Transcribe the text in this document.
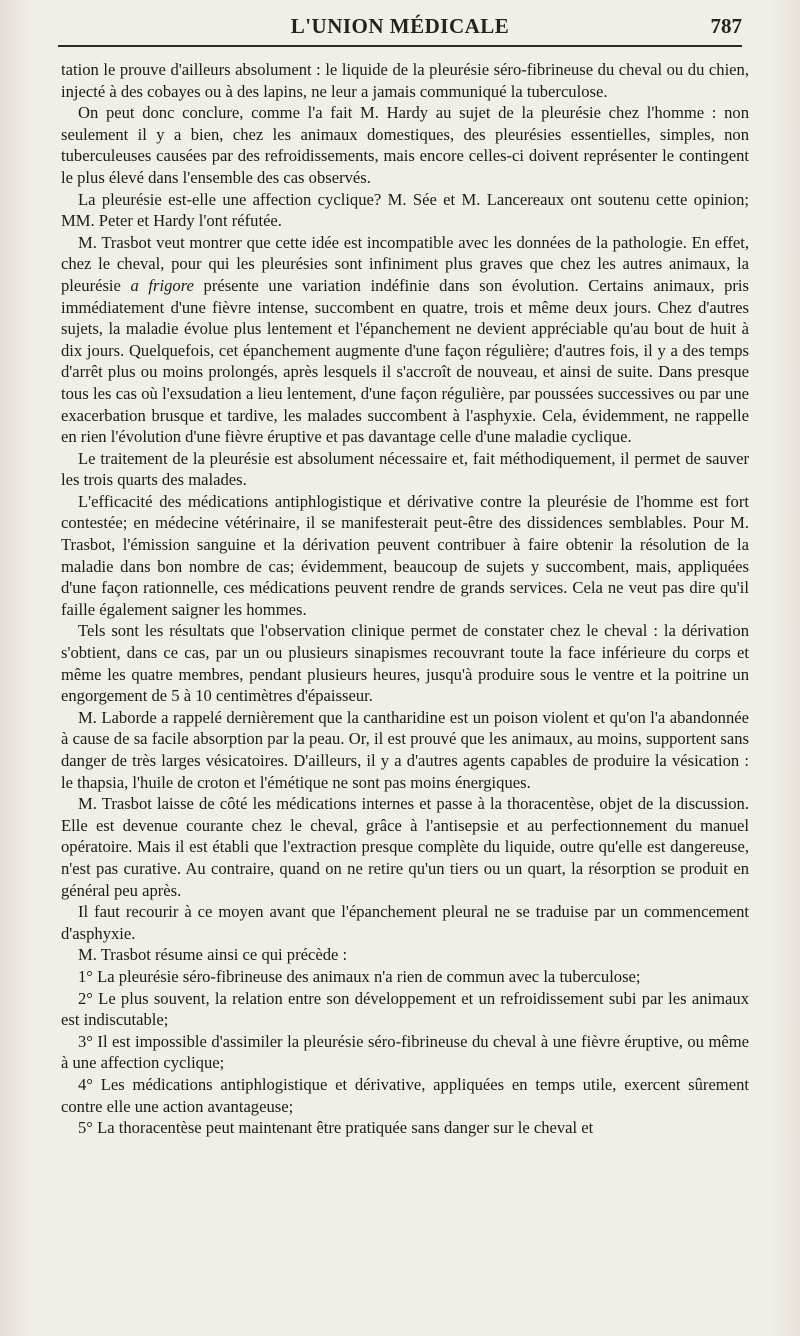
L'UNION MÉDICALE	787

tation le prouve d'ailleurs absolument : le liquide de la pleurésie séro-fibrineuse du cheval ou du chien, injecté à des cobayes ou à des lapins, ne leur a jamais communiqué la tuberculose.

On peut donc conclure, comme l'a fait M. Hardy au sujet de la pleurésie chez l'homme : non seulement il y a bien, chez les animaux domestiques, des pleurésies essentielles, simples, non tuberculeuses causées par des refroidissements, mais encore celles-ci doivent représenter le contingent le plus élevé dans l'ensemble des cas observés.

La pleurésie est-elle une affection cyclique? M. Sée et M. Lancereaux ont soutenu cette opinion; MM. Peter et Hardy l'ont réfutée.

M. Trasbot veut montrer que cette idée est incompatible avec les données de la pathologie. En effet, chez le cheval, pour qui les pleurésies sont infiniment plus graves que chez les autres animaux, la pleurésie a frigore présente une variation indéfinie dans son évolution. Certains animaux, pris immédiatement d'une fièvre intense, succombent en quatre, trois et même deux jours. Chez d'autres sujets, la maladie évolue plus lentement et l'épanchement ne devient appréciable qu'au bout de huit à dix jours. Quelquefois, cet épanchement augmente d'une façon régulière; d'autres fois, il y a des temps d'arrêt plus ou moins prolongés, après lesquels il s'accroît de nouveau, et ainsi de suite. Dans presque tous les cas où l'exsudation a lieu lentement, d'une façon régulière, par poussées successives ou par une exacerbation brusque et tardive, les malades succombent à l'asphyxie. Cela, évidemment, ne rappelle en rien l'évolution d'une fièvre éruptive et pas davantage celle d'une maladie cyclique.

Le traitement de la pleurésie est absolument nécessaire et, fait méthodiquement, il permet de sauver les trois quarts des malades.

L'efficacité des médications antiphlogistique et dérivative contre la pleurésie de l'homme est fort contestée; en médecine vétérinaire, il se manifesterait peut-être des dissidences semblables. Pour M. Trasbot, l'émission sanguine et la dérivation peuvent contribuer à faire obtenir la résolution de la maladie dans bon nombre de cas; évidemment, beaucoup de sujets y succombent, mais, appliquées d'une façon rationnelle, ces médications peuvent rendre de grands services. Cela ne veut pas dire qu'il faille également saigner les hommes.

Tels sont les résultats que l'observation clinique permet de constater chez le cheval : la dérivation s'obtient, dans ce cas, par un ou plusieurs sinapismes recouvrant toute la face inférieure du corps et même les quatre membres, pendant plusieurs heures, jusqu'à produire sous le ventre et la poitrine un engorgement de 5 à 10 centimètres d'épaisseur.

M. Laborde a rappelé dernièrement que la cantharidine est un poison violent et qu'on l'a abandonnée à cause de sa facile absorption par la peau. Or, il est prouvé que les animaux, au moins, supportent sans danger de très larges vésicatoires. D'ailleurs, il y a d'autres agents capables de produire la vésication : le thapsia, l'huile de croton et l'émétique ne sont pas moins énergiques.

M. Trasbot laisse de côté les médications internes et passe à la thoracentèse, objet de la discussion. Elle est devenue courante chez le cheval, grâce à l'antisepsie et au perfectionnement du manuel opératoire. Mais il est établi que l'extraction presque complète du liquide, outre qu'elle est dangereuse, n'est pas curative. Au contraire, quand on ne retire qu'un tiers ou un quart, la résorption se produit en général peu après.

Il faut recourir à ce moyen avant que l'épanchement pleural ne se traduise par un commencement d'asphyxie.

M. Trasbot résume ainsi ce qui précède :

1° La pleurésie séro-fibrineuse des animaux n'a rien de commun avec la tuberculose;

2° Le plus souvent, la relation entre son développement et un refroidissement subi par les animaux est indiscutable;

3° Il est impossible d'assimiler la pleurésie séro-fibrineuse du cheval à une fièvre éruptive, ou même à une affection cyclique;

4° Les médications antiphlogistique et dérivative, appliquées en temps utile, exercent sûrement contre elle une action avantageuse;

5° La thoracentèse peut maintenant être pratiquée sans danger sur le cheval et
